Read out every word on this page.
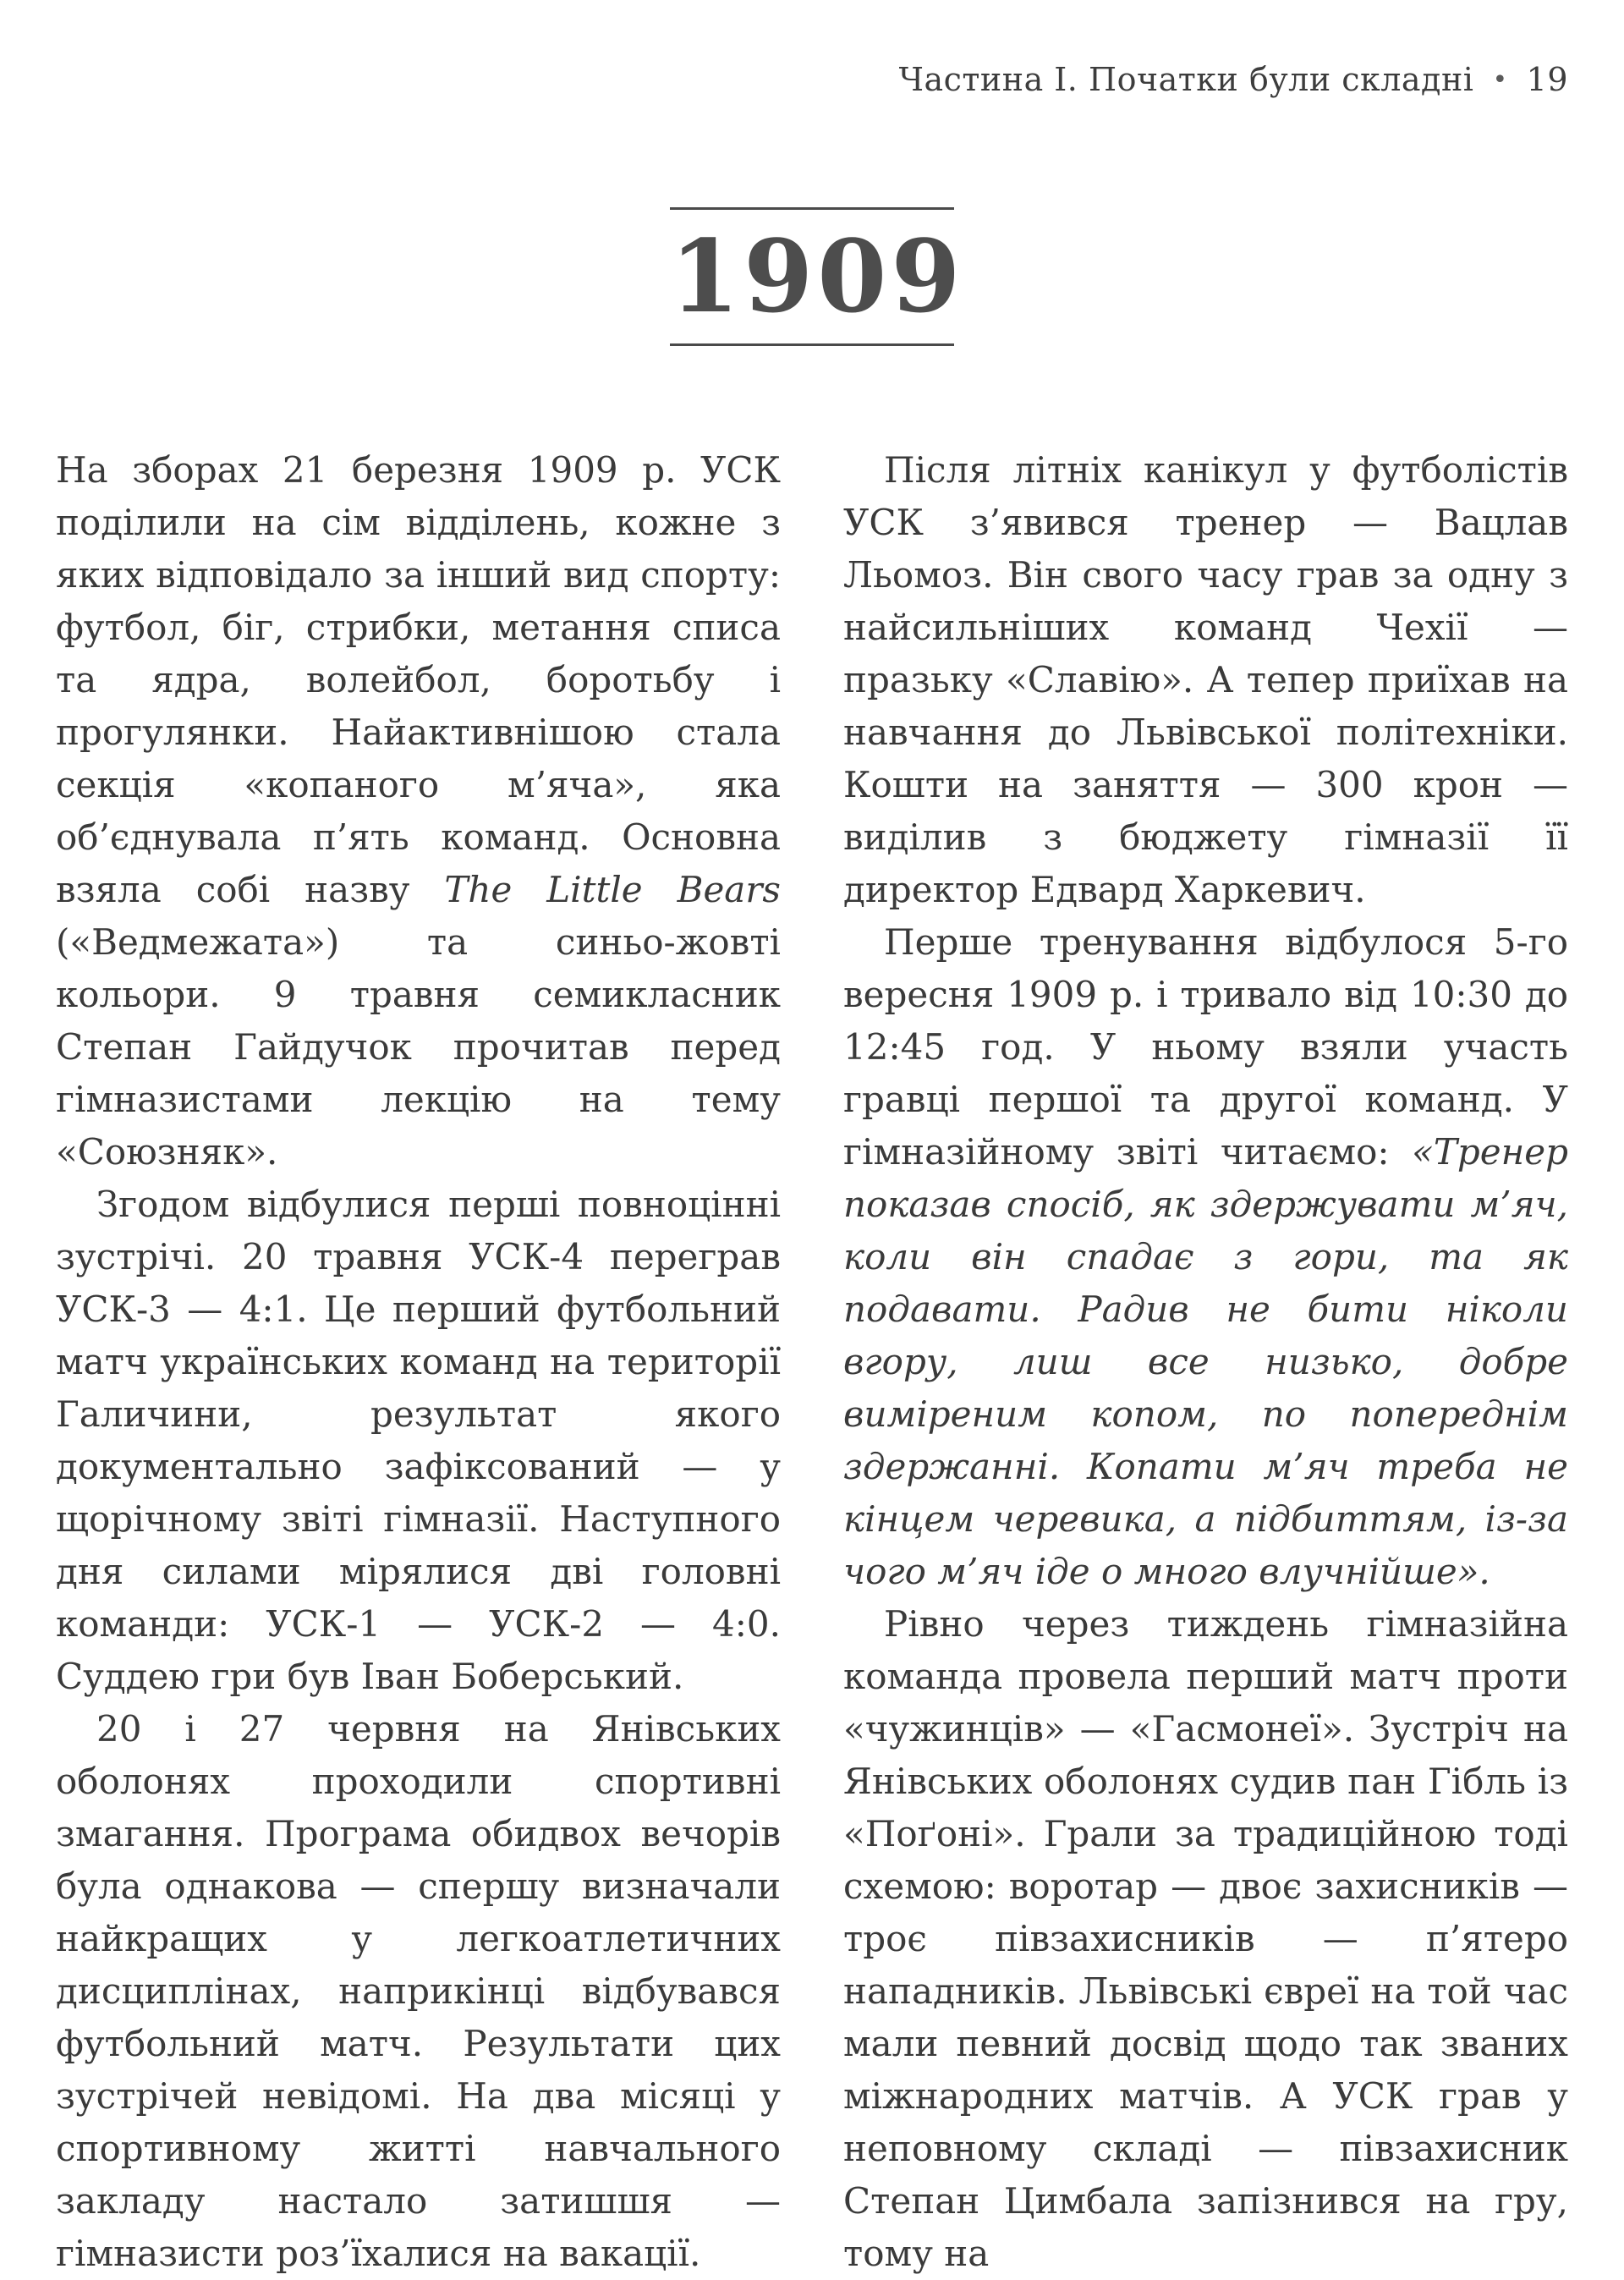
Частина І. Початки були складні • 19
1909

На зборах 21 березня 1909 р. УСК поділили на сім відділень, кожне з яких відповідало за інший вид спорту: футбол, біг, стрибки, метання списа та ядра, волейбол, боротьбу і прогулянки. Найактивнішою стала секція «копаного м’яча», яка об’єднувала п’ять команд. Основна взяла собі назву The Little Bears («Ведмежата») та синьо-жовті кольори. 9 травня семикласник Степан Гайдучок прочитав перед гімназистами лекцію на тему «Союзняк».

Згодом відбулися перші повноцінні зустрічі. 20 травня УСК-4 переграв УСК-3 — 4:1. Це перший футбольний матч українських команд на території Галичини, результат якого документально зафіксований — у щорічному звіті гімназії. Наступного дня силами мірялися дві головні команди: УСК-1 — УСК-2 — 4:0. Суддею гри був Іван Боберський.

20 і 27 червня на Янівських оболонях проходили спортивні змагання. Програма обидвох вечорів була однакова — спершу визначали найкращих у легкоатлетичних дисциплінах, наприкінці відбувався футбольний матч. Результати цих зустрічей невідомі. На два місяці у спортивному житті навчального закладу настало затишшя — гімназисти роз’їхалися на вакації.

Після літніх канікул у футболістів УСК з’явився тренер — Вацлав Льомоз. Він свого часу грав за одну з найсильніших команд Чехії — празьку «Славію». А тепер приїхав на навчання до Львівської політехніки. Кошти на заняття — 300 крон — виділив з бюджету гімназії її директор Едвард Харкевич.

Перше тренування відбулося 5-го вересня 1909 р. і тривало від 10:30 до 12:45 год. У ньому взяли участь гравці першої та другої команд. У гімназійному звіті читаємо: «Тренер показав спосіб, як здержувати м’яч, коли він спадає з гори, та як подавати. Радив не бити ніколи вгору, лиш все низько, добре виміреним копом, по попереднім здержанні. Копати м’яч треба не кінцем черевика, а підбиттям, із-за чого м’яч іде о много влучнійше».

Рівно через тиждень гімназійна команда провела перший матч проти «чужинців» — «Гасмонеї». Зустріч на Янівських оболонях судив пан Гібль із «Поґоні». Грали за традиційною тоді схемою: воротар — двоє захисників — троє півзахисників — п’ятеро нападників. Львівські євреї на той час мали певний досвід щодо так званих міжнародних матчів. А УСК грав у неповному складі — півзахисник Степан Цимбала запізнився на гру, тому на
